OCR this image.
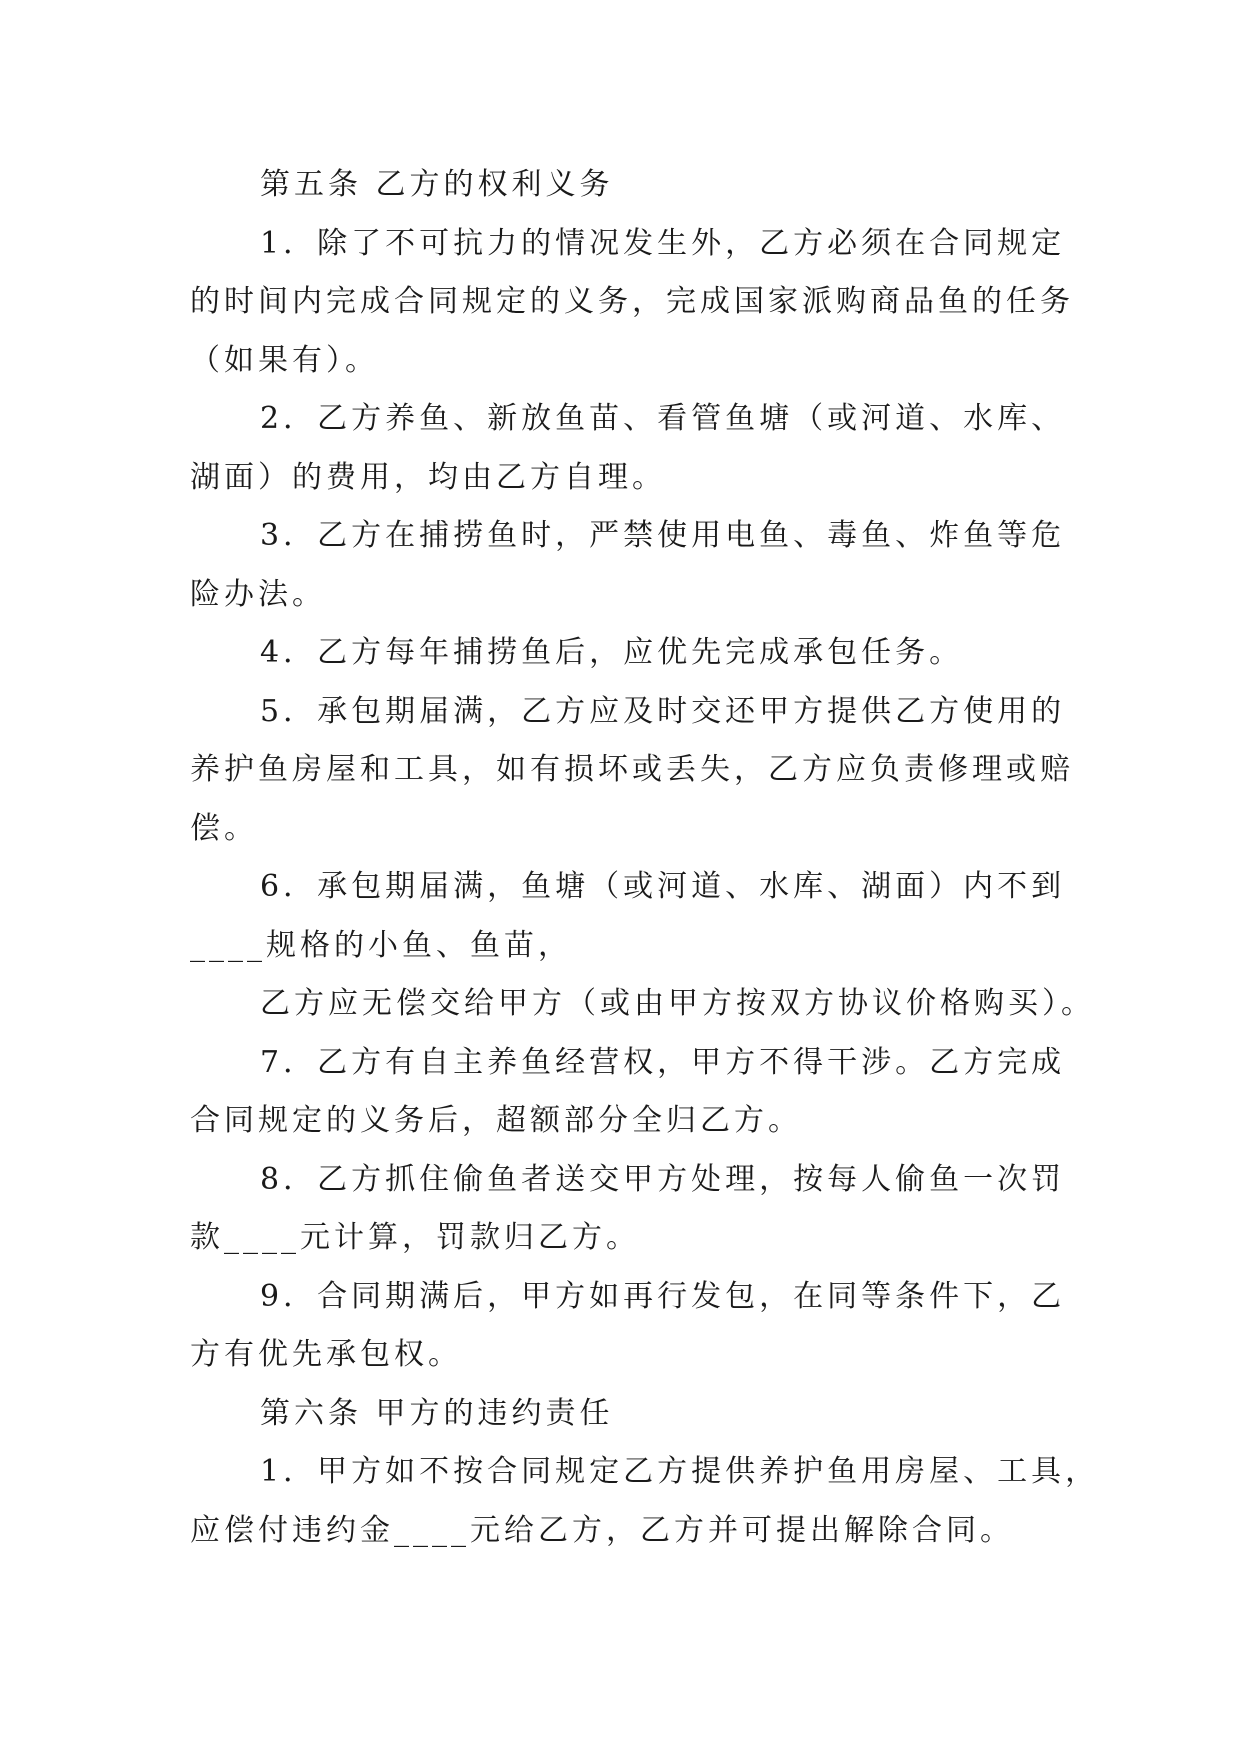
第五条 乙方的权利义务
1．除了不可抗力的情况发生外，乙方必须在合同规定
的时间内完成合同规定的义务，完成国家派购商品鱼的任务
（如果有）。
2．乙方养鱼、新放鱼苗、看管鱼塘（或河道、水库、
湖面）的费用，均由乙方自理。
3．乙方在捕捞鱼时，严禁使用电鱼、毒鱼、炸鱼等危
险办法。
4．乙方每年捕捞鱼后，应优先完成承包任务。
5．承包期届满，乙方应及时交还甲方提供乙方使用的
养护鱼房屋和工具，如有损坏或丢失，乙方应负责修理或赔
偿。
6．承包期届满，鱼塘（或河道、水库、湖面）内不到
____规格的小鱼、鱼苗，
乙方应无偿交给甲方（或由甲方按双方协议价格购买）。
7．乙方有自主养鱼经营权，甲方不得干涉。乙方完成
合同规定的义务后，超额部分全归乙方。
8．乙方抓住偷鱼者送交甲方处理，按每人偷鱼一次罚
款____元计算，罚款归乙方。
9．合同期满后，甲方如再行发包，在同等条件下，乙
方有优先承包权。
第六条 甲方的违约责任
1．甲方如不按合同规定乙方提供养护鱼用房屋、工具，
应偿付违约金____元给乙方，乙方并可提出解除合同。
